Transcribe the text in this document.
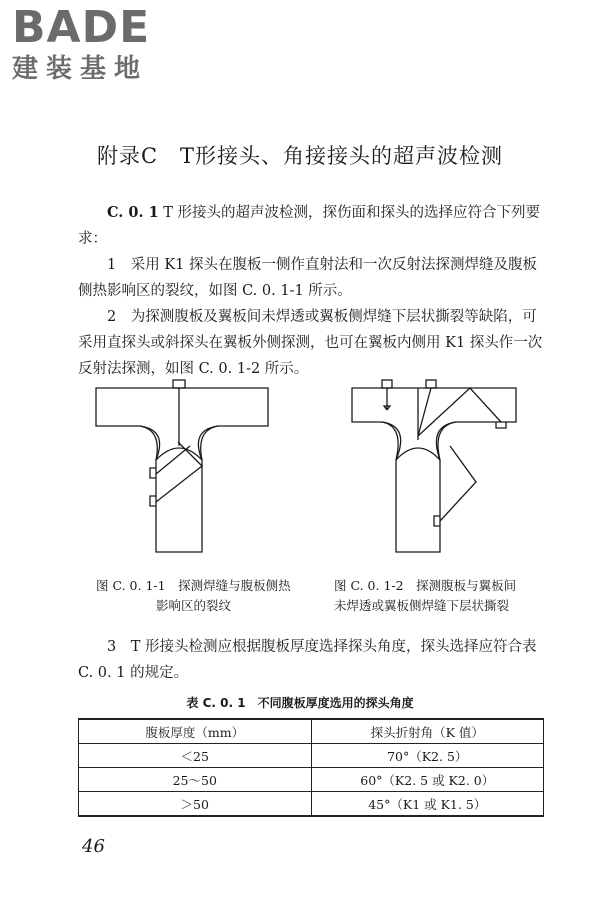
BADE
建装基地
附录C　T形接头、角接接头的超声波检测
C. 0. 1 T 形接头的超声波检测，探伤面和探头的选择应符合下列要求：
1　采用 K1 探头在腹板一侧作直射法和一次反射法探测焊缝及腹板侧热影响区的裂纹，如图 C. 0. 1-1 所示。
2　为探测腹板及翼板间未焊透或翼板侧焊缝下层状撕裂等缺陷，可采用直探头或斜探头在翼板外侧探测，也可在翼板内侧用 K1 探头作一次反射法探测，如图 C. 0. 1-2 所示。
图 C. 0. 1-1　探测焊缝与腹板侧热
影响区的裂纹
图 C. 0. 1-2　探测腹板与翼板间
未焊透或翼板侧焊缝下层状撕裂
3　T 形接头检测应根据腹板厚度选择探头角度，探头选择应符合表 C. 0. 1 的规定。
表 C. 0. 1　不同腹板厚度选用的探头角度
腹板厚度（mm）	探头折射角（K 值）
＜25	70°（K2. 5）
25～50	60°（K2. 5 或 K2. 0）
＞50	45°（K1 或 K1. 5）
46
